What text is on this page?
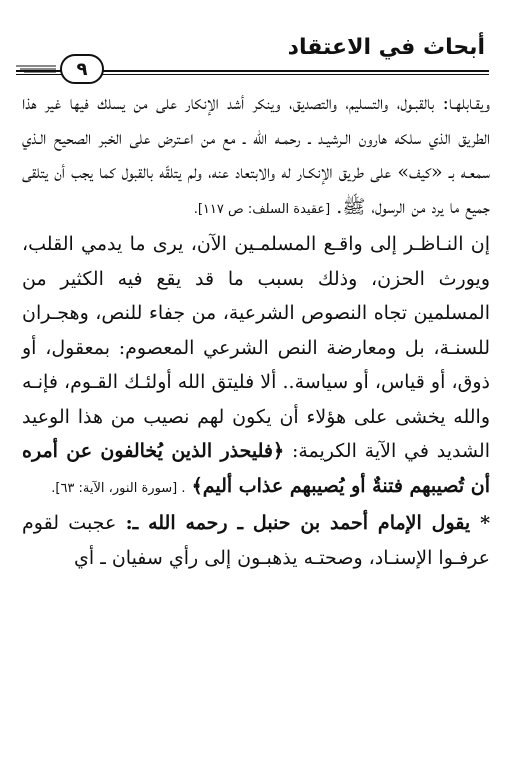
أبحاث في الاعتقاد
٩

ويقـابلهـا: بالقبـول، والتسليم، والتصديق، وينكر أشد الإنكار على من يسلك فيها غير هذا الطريق الذي سلكه هارون الـرشيـد ـ رحمـه الله ـ مع من اعـترض على الخبر الصحيح الـذي سمعـه بـ «كيف» على طريق الإنكـار له والابتعاد عنه، ولم يتلقّه بالقبول كما يجب أن يتلقى جميع ما يرد من الرسول، ﷺ. [عقيدة السلف: ص ١١٧].

إن النـاظـر إلى واقـع المسلمـين الآن، يرى ما يدمي القلب، ويورث الحزن، وذلك بسبب ما قد يقع فيه الكثير من المسلمين تجاه النصوص الشرعية، من جفاء للنص، وهجـران للسنـة، بل ومعارضة النص الشرعي المعصوم: بمعقول، أو ذوق، أو قياس، أو سياسة.. ألا فليتق الله أولئـك القـوم، فإنـه والله يخشى على هؤلاء أن يكون لهم نصيب من هذا الوعيد الشديد في الآية الكريمة: ﴿فليحذر الذين يُخالفون عن أمره أن تُصيبهم فتنةٌ أو يُصيبهم عذاب أليم﴾ . [سورة النور، الآية: ٦٣].

* يقول الإمام أحمد بن حنبل ـ رحمه الله ـ: عجبت لقوم عرفـوا الإسنـاد، وصحتـه يذهبـون إلى رأي سفيان ـ أي
